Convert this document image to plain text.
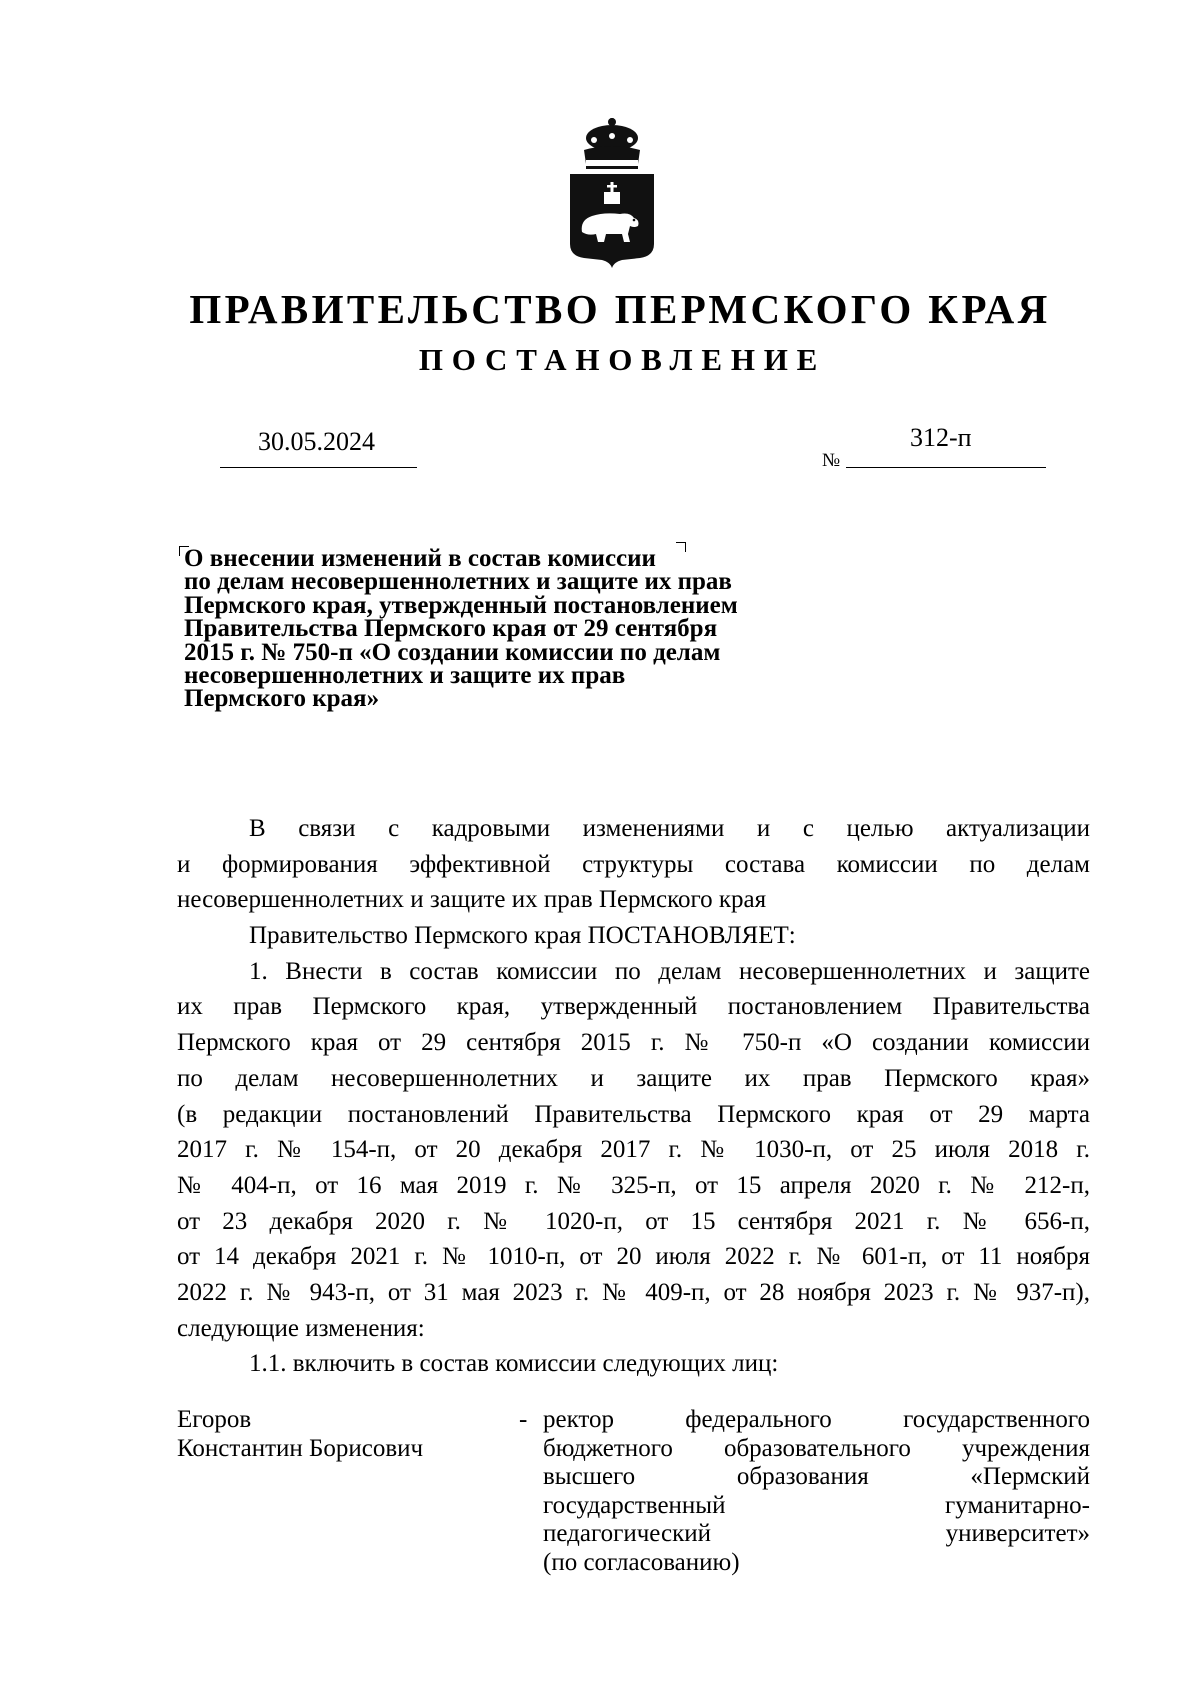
ПРАВИТЕЛЬСТВО ПЕРМСКОГО КРАЯ
ПОСТАНОВЛЕНИЕ
30.05.2024
№
312-п
О внесении изменений в состав комиссии
по делам несовершеннолетних и защите их прав
Пермского края, утвержденный постановлением
Правительства Пермского края от 29 сентября
2015 г. № 750-п «О создании комиссии по делам
несовершеннолетних и защите их прав
Пермского края»
В связи с кадровыми изменениями и с целью актуализации
и формирования эффективной структуры состава комиссии по делам
несовершеннолетних и защите их прав Пермского края
Правительство Пермского края ПОСТАНОВЛЯЕТ:
1. Внести в состав комиссии по делам несовершеннолетних и защите
их прав Пермского края, утвержденный постановлением Правительства
Пермского края от 29 сентября 2015 г. № 750-п «О создании комиссии
по делам несовершеннолетних и защите их прав Пермского края»
(в редакции постановлений Правительства Пермского края от 29 марта
2017 г. № 154-п, от 20 декабря 2017 г. № 1030-п, от 25 июля 2018 г.
№ 404-п, от 16 мая 2019 г. № 325-п, от 15 апреля 2020 г. № 212-п,
от 23 декабря 2020 г. № 1020-п, от 15 сентября 2021 г. № 656-п,
от 14 декабря 2021 г. № 1010-п, от 20 июля 2022 г. № 601-п, от 11 ноября
2022 г. № 943-п, от 31 мая 2023 г. № 409-п, от 28 ноября 2023 г. № 937-п),
следующие изменения:
1.1. включить в состав комиссии следующих лиц:
Егоров
Константин Борисович
- ректор федерального государственного
бюджетного образовательного учреждения
высшего образования «Пермский
государственный гуманитарно-
педагогический университет»
(по согласованию)
